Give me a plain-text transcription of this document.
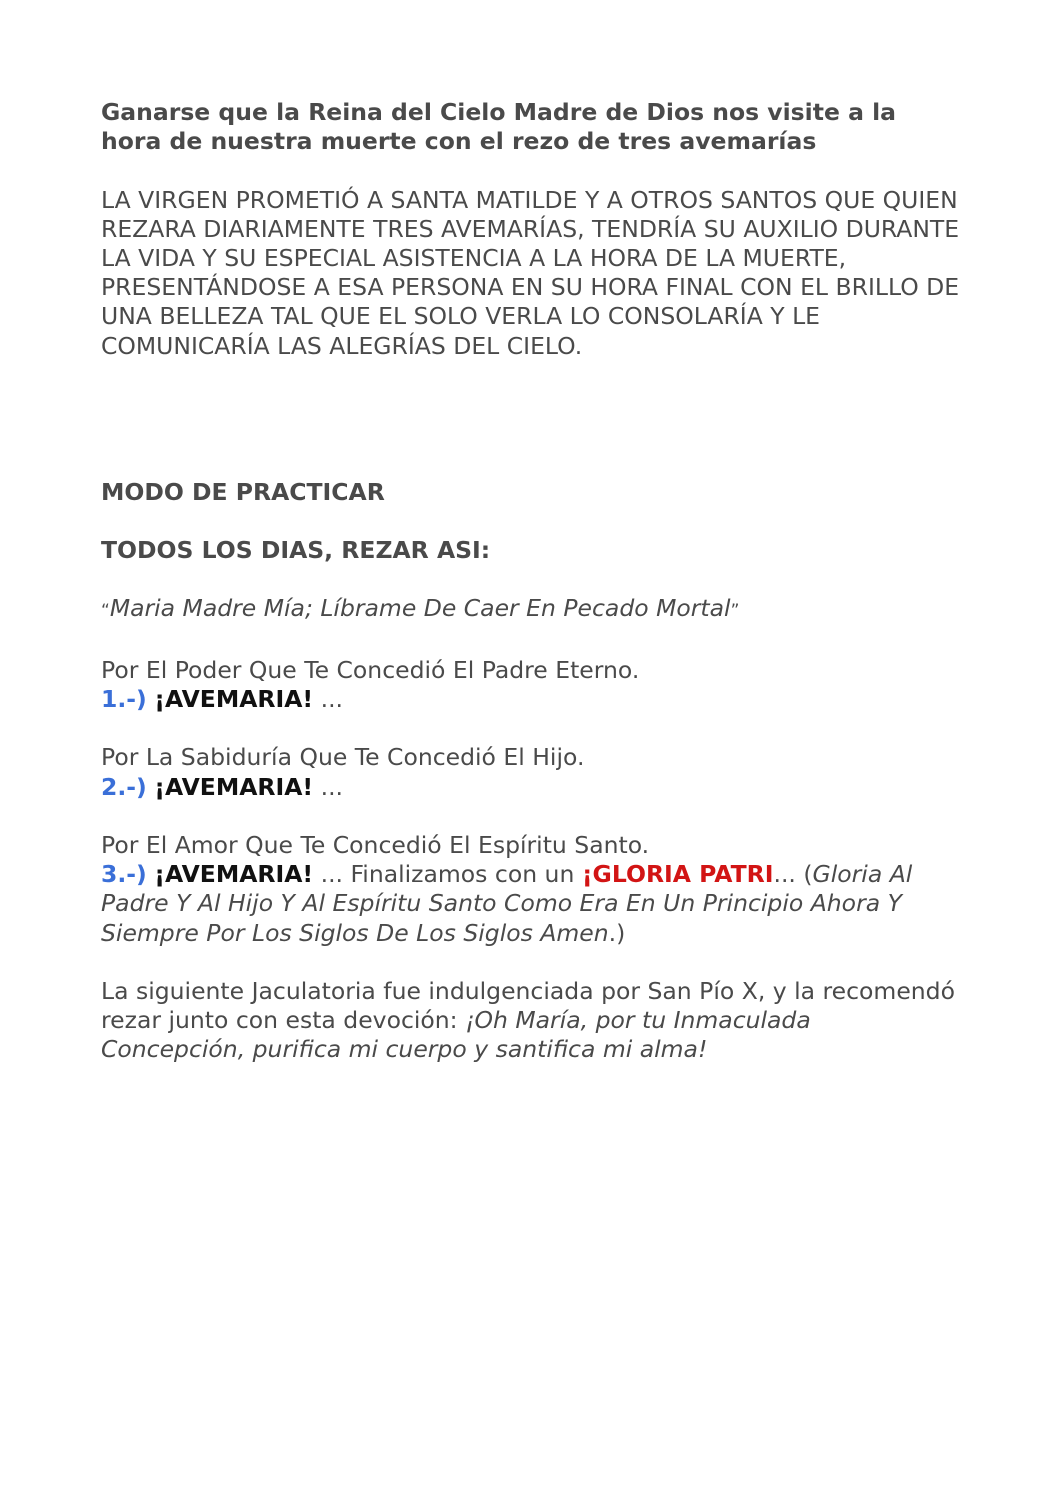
Ganarse que la Reina del Cielo Madre de Dios nos visite a la hora de nuestra muerte con el rezo de tres avemarías

LA VIRGEN PROMETIÓ A SANTA MATILDE Y A OTROS SANTOS QUE QUIEN REZARA DIARIAMENTE TRES AVEMARÍAS, TENDRÍA SU AUXILIO DURANTE LA VIDA Y SU ESPECIAL ASISTENCIA A LA HORA DE LA MUERTE, PRESENTÁNDOSE A ESA PERSONA EN SU HORA FINAL CON EL BRILLO DE UNA BELLEZA TAL QUE EL SOLO VERLA LO CONSOLARÍA Y LE COMUNICARÍA LAS ALEGRÍAS DEL CIELO.

MODO DE PRACTICAR

TODOS LOS DIAS, REZAR ASI:

“Maria Madre Mía; Líbrame De Caer En Pecado Mortal”

Por El Poder Que Te Concedió El Padre Eterno.

1.-) ¡AVEMARIA! ...

Por La Sabiduría Que Te Concedió El Hijo.

2.-) ¡AVEMARIA! ...

Por El Amor Que Te Concedió El Espíritu Santo.

3.-) ¡AVEMARIA! ... Finalizamos con un ¡GLORIA PATRI... (Gloria Al Padre Y Al Hijo Y Al Espíritu Santo Como Era En Un Principio Ahora Y Siempre Por Los Siglos De Los Siglos Amen.)

La siguiente Jaculatoria fue indulgenciada por San Pío X, y la recomendó rezar junto con esta devoción: ¡Oh María, por tu Inmaculada Concepción, purifica mi cuerpo y santifica mi alma!
